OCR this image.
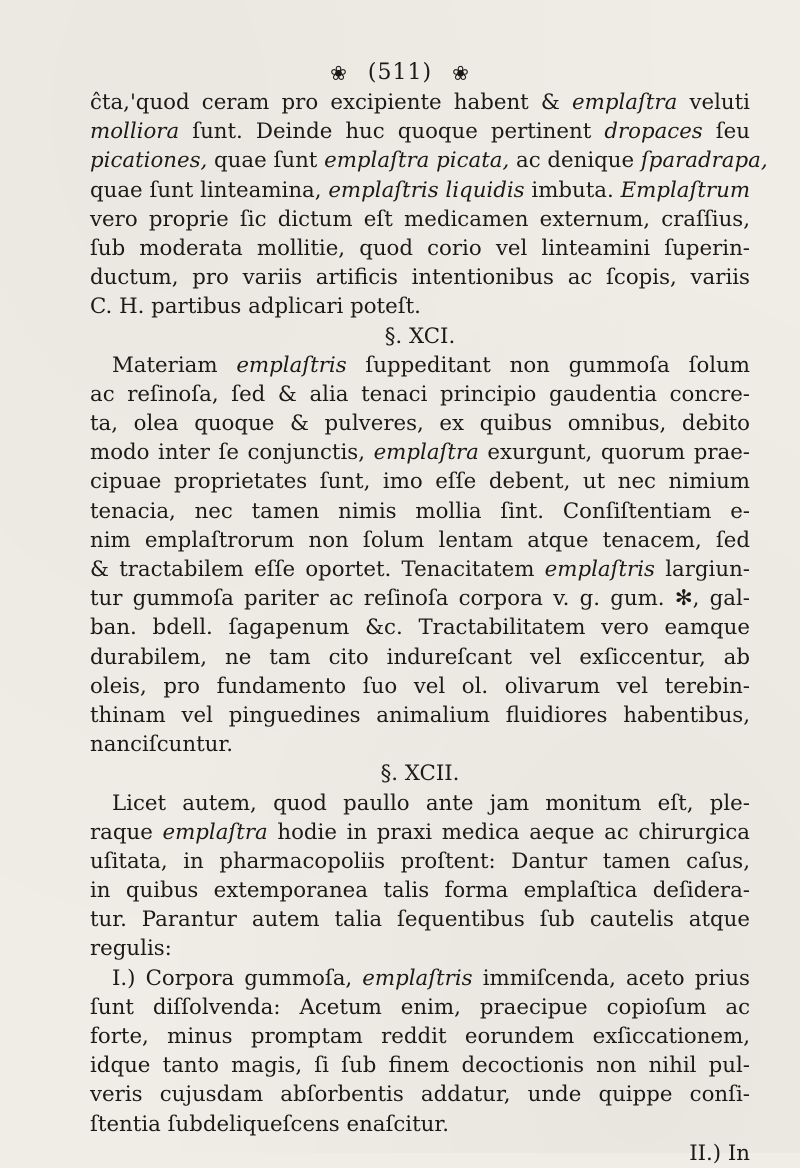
❀ (511) ❀
ĉta,'quod ceram pro excipiente habent & emplaſtra veluti
molliora ſunt. Deinde huc quoque pertinent dropaces ſeu
picationes, quae ſunt emplaſtra picata, ac denique ſparadrapa,
quae ſunt linteamina, emplaſtris liquidis imbuta. Emplaſtrum
vero proprie ſic dictum eſt medicamen externum, craſſius,
ſub moderata mollitie, quod corio vel linteamini ſuperin-
ductum, pro variis artificis intentionibus ac ſcopis, variis
C. H. partibus adplicari poteſt.
§. XCI.
Materiam emplaſtris ſuppeditant non gummoſa ſolum
ac reſinoſa, ſed & alia tenaci principio gaudentia concre-
ta, olea quoque & pulveres, ex quibus omnibus, debito
modo inter ſe conjunctis, emplaſtra exurgunt, quorum prae-
cipuae proprietates ſunt, imo eſſe debent, ut nec nimium
tenacia, nec tamen nimis mollia ſint. Conſiſtentiam e-
nim emplaſtrorum non ſolum lentam atque tenacem, ſed
& tractabilem eſſe oportet. Tenacitatem emplaſtris largiun-
tur gummoſa pariter ac reſinoſa corpora v. g. gum. ✻, gal-
ban. bdell. ſagapenum &c. Tractabilitatem vero eamque
durabilem, ne tam cito indureſcant vel exſiccentur, ab
oleis, pro fundamento ſuo vel ol. olivarum vel terebin-
thinam vel pinguedines animalium fluidiores habentibus,
nanciſcuntur.
§. XCII.
Licet autem, quod paullo ante jam monitum eſt, ple-
raque emplaſtra hodie in praxi medica aeque ac chirurgica
uſitata, in pharmacopoliis proſtent: Dantur tamen caſus,
in quibus extemporanea talis forma emplaſtica deſidera-
tur. Parantur autem talia ſequentibus ſub cautelis atque
regulis:
I.) Corpora gummoſa, emplaſtris immiſcenda, aceto prius
ſunt diſſolvenda: Acetum enim, praecipue copioſum ac
forte, minus promptam reddit eorundem exſiccationem,
idque tanto magis, ſi ſub finem decoctionis non nihil pul-
veris cujusdam abſorbentis addatur, unde quippe conſi-
ſtentia ſubdeliqueſcens enaſcitur.
II.) In
